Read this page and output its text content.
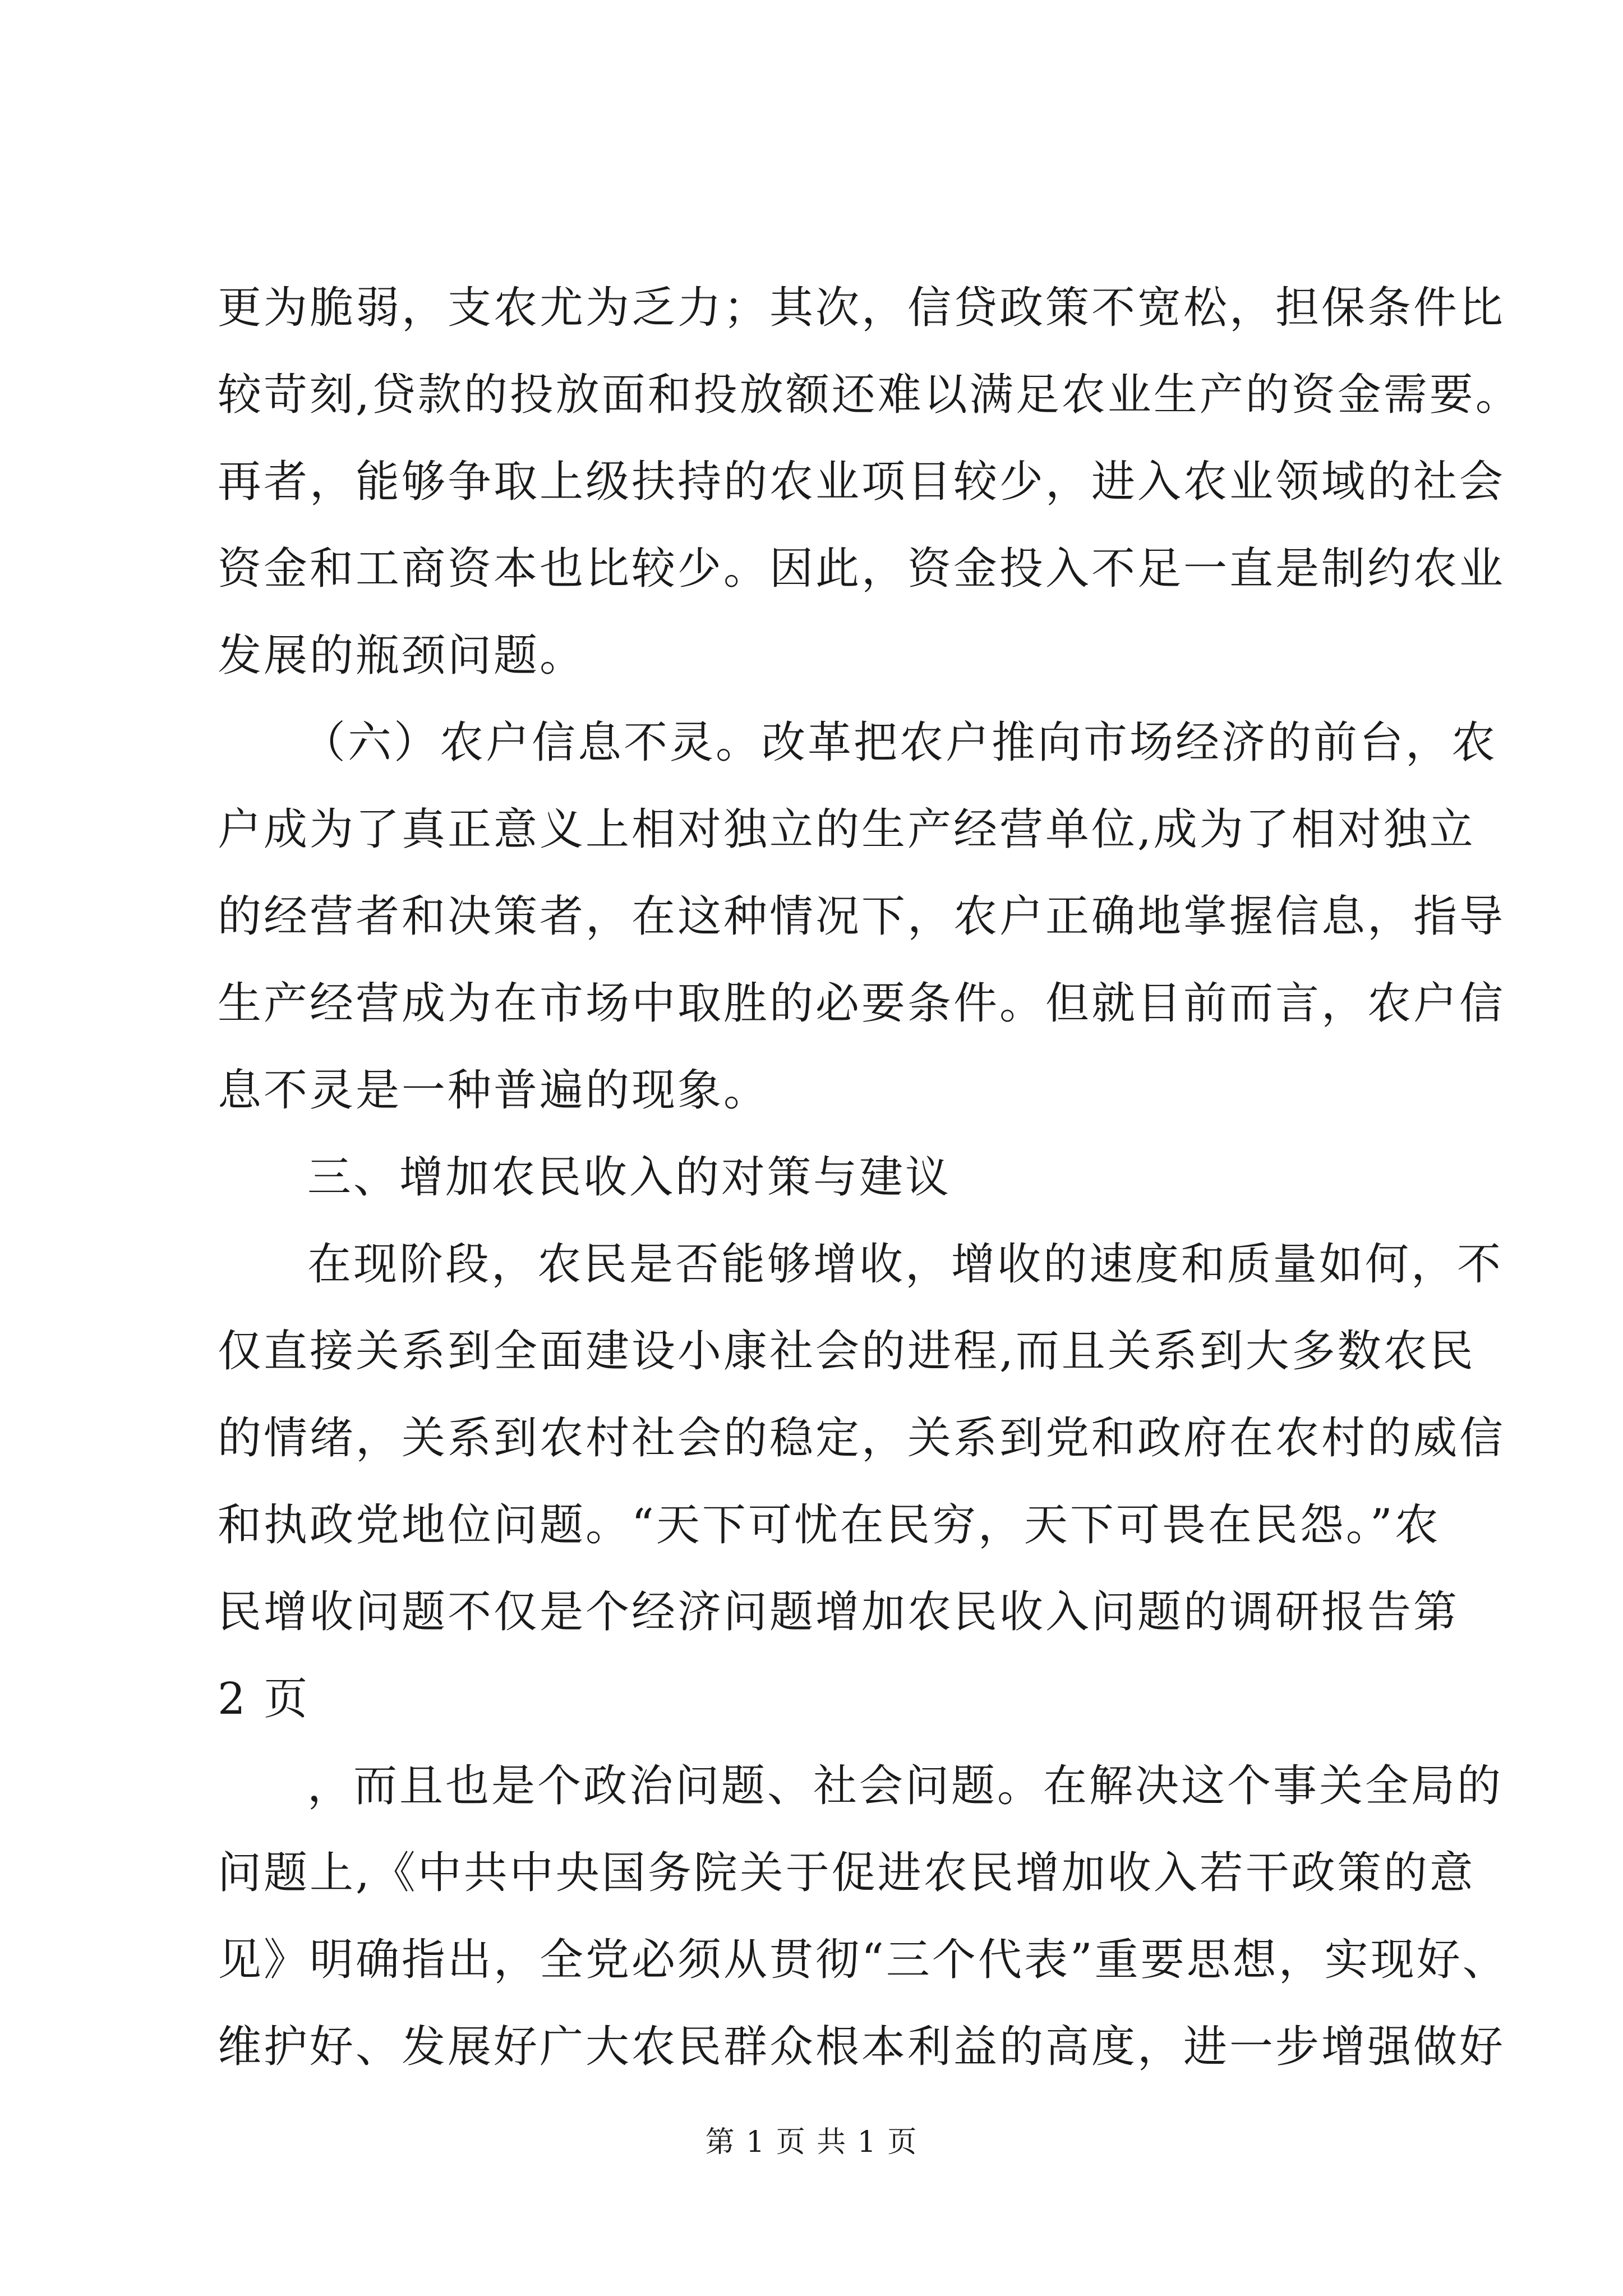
更为脆弱，支农尤为乏力；其次，信贷政策不宽松，担保条件比
较苛刻,贷款的投放面和投放额还难以满足农业生产的资金需要。
再者，能够争取上级扶持的农业项目较少，进入农业领域的社会
资金和工商资本也比较少。因此，资金投入不足一直是制约农业
发展的瓶颈问题。
（六）农户信息不灵。改革把农户推向市场经济的前台，农
户成为了真正意义上相对独立的生产经营单位,成为了相对独立
的经营者和决策者，在这种情况下，农户正确地掌握信息，指导
生产经营成为在市场中取胜的必要条件。但就目前而言，农户信
息不灵是一种普遍的现象。
三、增加农民收入的对策与建议
在现阶段，农民是否能够增收，增收的速度和质量如何，不
仅直接关系到全面建设小康社会的进程,而且关系到大多数农民
的情绪，关系到农村社会的稳定，关系到党和政府在农村的威信
和执政党地位问题。“天下可忧在民穷，天下可畏在民怨。”农
民增收问题不仅是个经济问题增加农民收入问题的调研报告第
2 页
，而且也是个政治问题、社会问题。在解决这个事关全局的
问题上,《中共中央国务院关于促进农民增加收入若干政策的意
见》明确指出，全党必须从贯彻“三个代表”重要思想，实现好、
维护好、发展好广大农民群众根本利益的高度，进一步增强做好
第 1 页 共 1 页
